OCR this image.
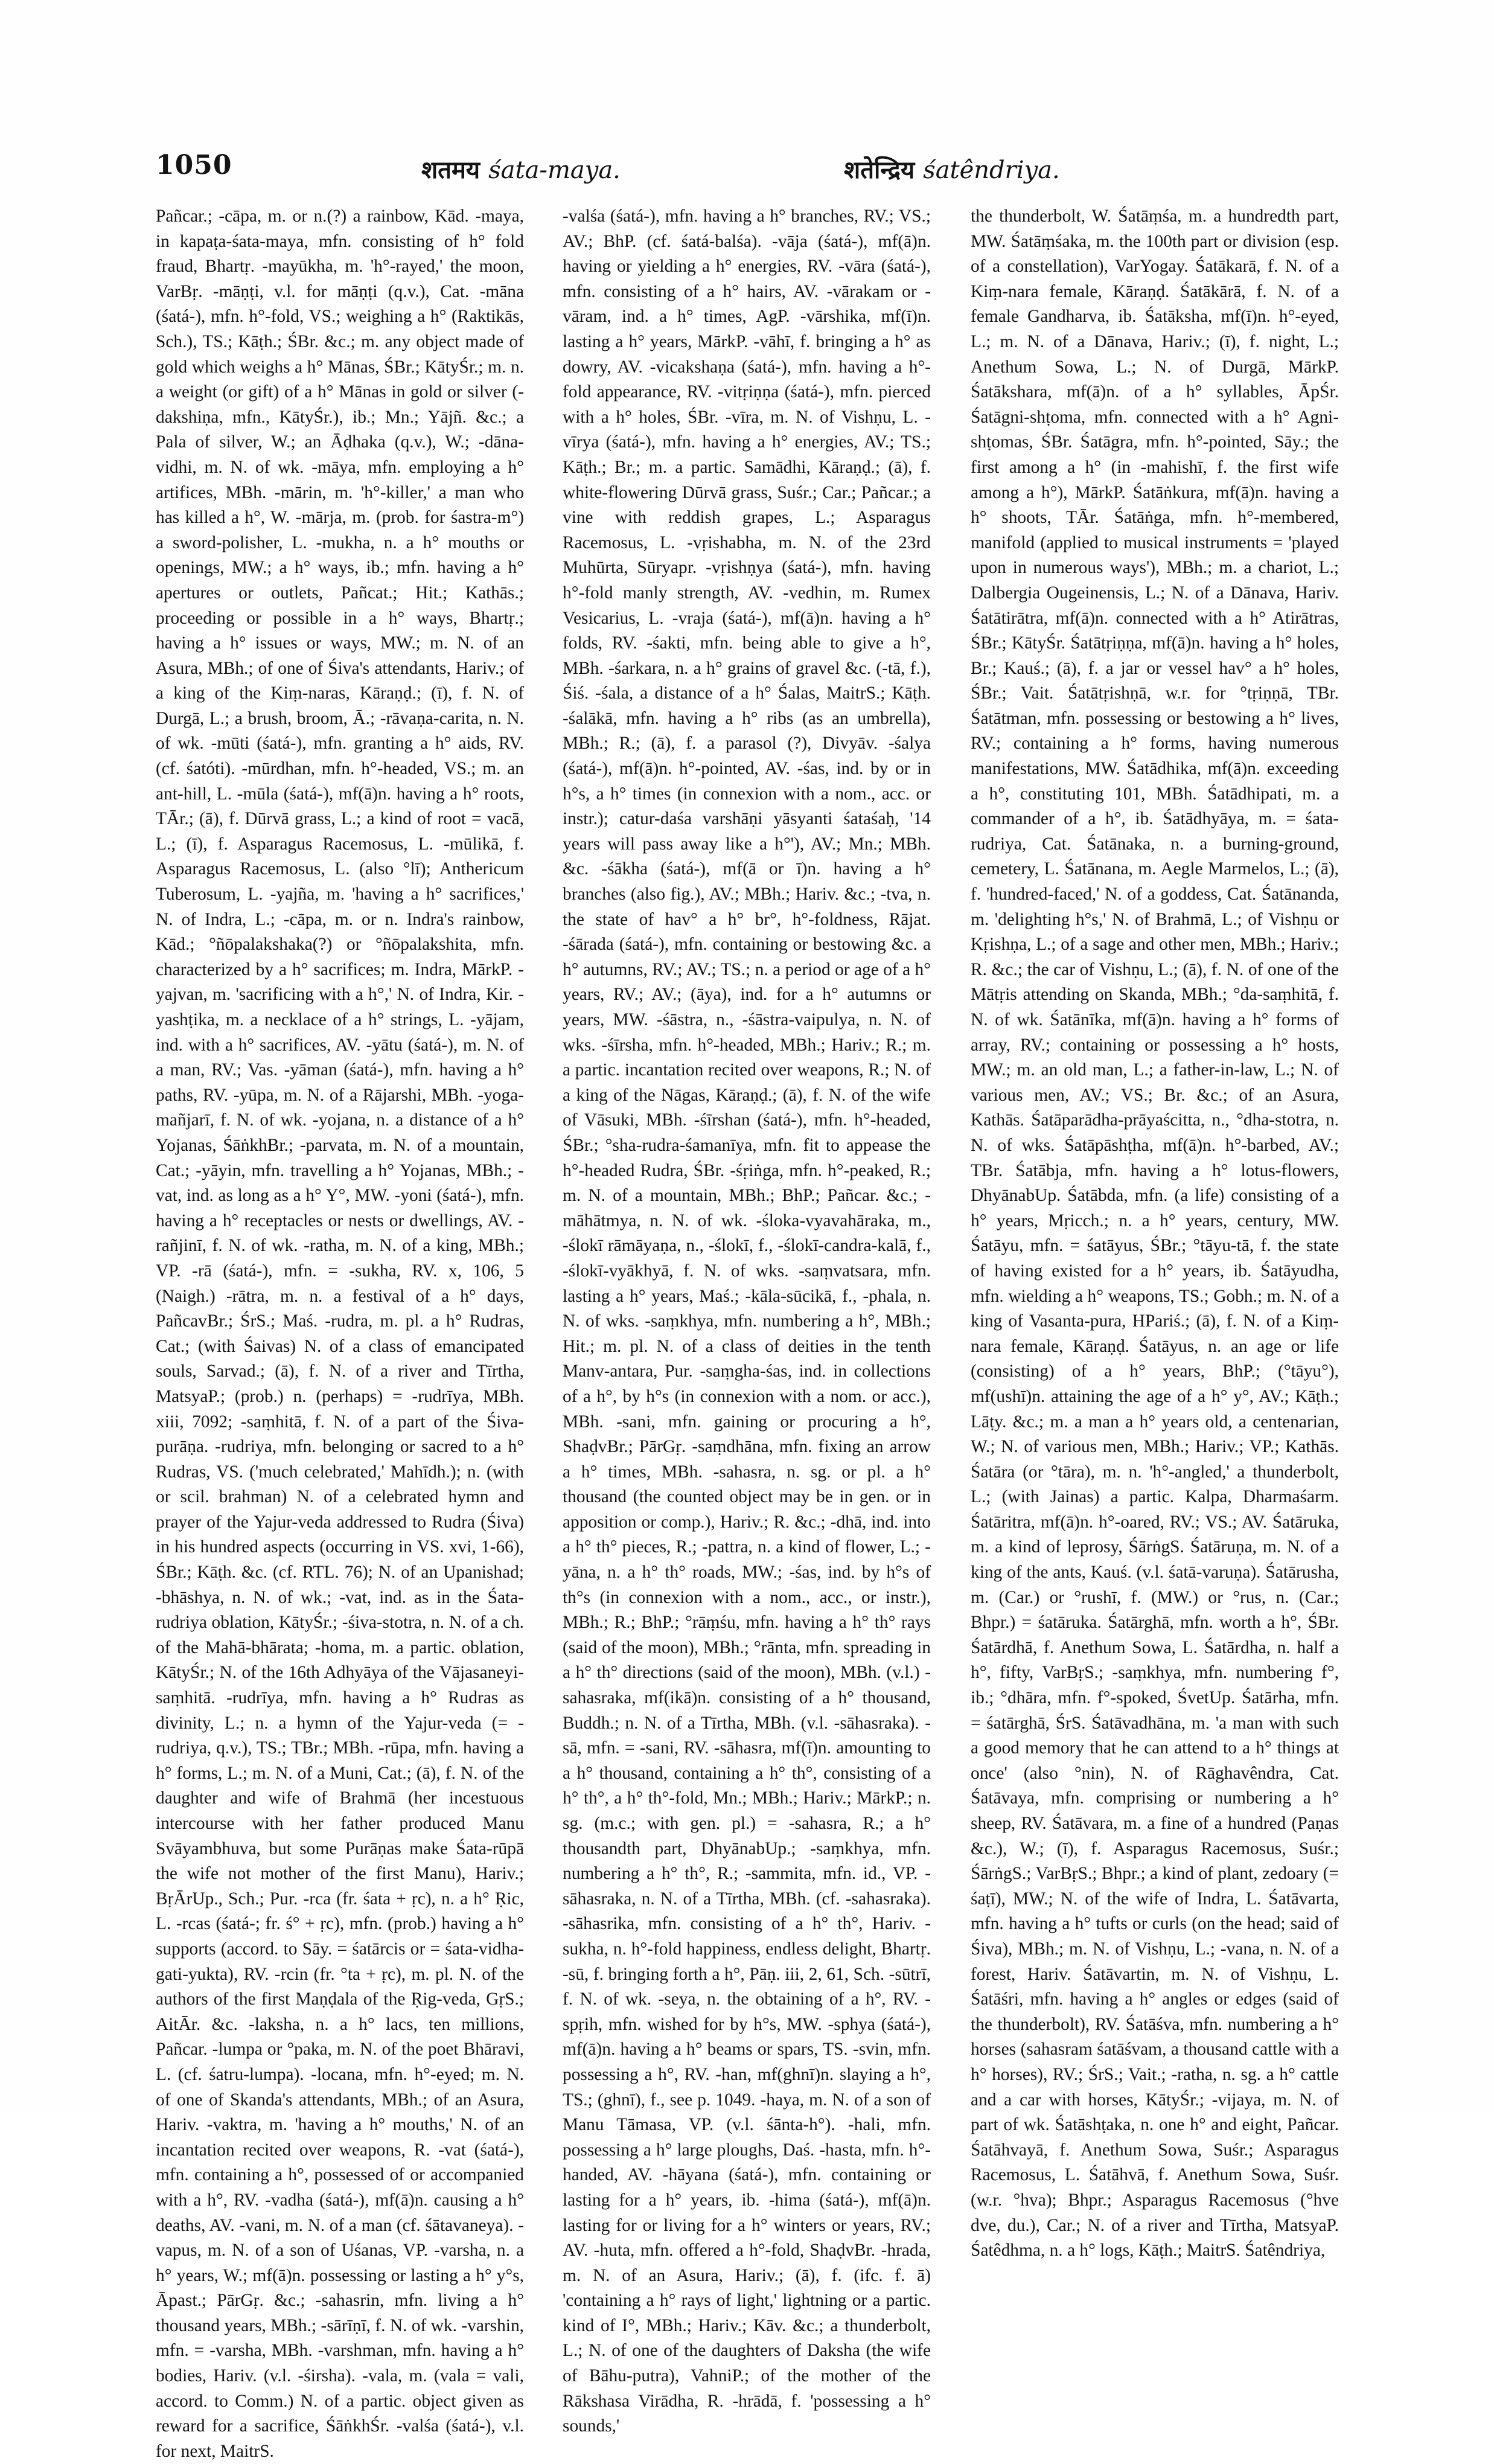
1050	शतमय śata-maya.	शतेन्द्रिय śatêndriya.

Pañcar.; -cāpa, m. or n.(?) a rainbow, Kād. -maya, in kapaṭa-śata-maya, mfn. consisting of h° fold fraud, Bhartṛ. -mayūkha, m. 'h°-rayed,' the moon, VarBṛ. -māṇṭi, v.l. for māṇṭi (q.v.), Cat. -māna (śatá-), mfn. h°-fold, VS.; weighing a h° (Raktikās, Sch.), TS.; Kāṭh.; ŚBr. &c.; m. any object made of gold which weighs a h° Mānas, ŚBr.; KātyŚr.; m. n. a weight (or gift) of a h° Mānas in gold or silver (-dakshiṇa, mfn., KātyŚr.), ib.; Mn.; Yājñ. &c.; a Pala of silver, W.; an Āḍhaka (q.v.), W.; -dāna-vidhi, m. N. of wk. -māya, mfn. employing a h° artifices, MBh. -mārin, m. 'h°-killer,' a man who has killed a h°, W. -mārja, m. (prob. for śastra-m°) a sword-polisher, L. -mukha, n. a h° mouths or openings, MW.; a h° ways, ib.; mfn. having a h° apertures or outlets, Pañcat.; Hit.; Kathās.; proceeding or possible in a h° ways, Bhartṛ.; having a h° issues or ways, MW.; m. N. of an Asura, MBh.; of one of Śiva's attendants, Hariv.; of a king of the Kiṃ-naras, Kāraṇḍ.; (ī), f. N. of Durgā, L.; a brush, broom, Ā.; -rāvaṇa-carita, n. N. of wk. -mūti (śatá-), mfn. granting a h° aids, RV. (cf. śatóti). -mūrdhan, mfn. h°-headed, VS.; m. an ant-hill, L. -mūla (śatá-), mf(ā)n. having a h° roots, TĀr.; (ā), f. Dūrvā grass, L.; a kind of root = vacā, L.; (ī), f. Asparagus Racemosus, L. -mūlikā, f. Asparagus Racemosus, L. (also °lī); Anthericum Tuberosum, L. -yajña, m. 'having a h° sacrifices,' N. of Indra, L.; -cāpa, m. or n. Indra's rainbow, Kād.; °ñōpalakshaka(?) or °ñōpalakshita, mfn. characterized by a h° sacrifices; m. Indra, MārkP. -yajvan, m. 'sacrificing with a h°,' N. of Indra, Kir. -yashṭika, m. a necklace of a h° strings, L. -yājam, ind. with a h° sacrifices, AV. -yātu (śatá-), m. N. of a man, RV.; Vas. -yāman (śatá-), mfn. having a h° paths, RV. -yūpa, m. N. of a Rājarshi, MBh. -yoga-mañjarī, f. N. of wk. -yojana, n. a distance of a h° Yojanas, ŚāṅkhBr.; -parvata, m. N. of a mountain, Cat.; -yāyin, mfn. travelling a h° Yojanas, MBh.; -vat, ind. as long as a h° Y°, MW. -yoni (śatá-), mfn. having a h° receptacles or nests or dwellings, AV. -rañjinī, f. N. of wk. -ratha, m. N. of a king, MBh.; VP. -rā (śatá-), mfn. = -sukha, RV. x, 106, 5 (Naigh.) -rātra, m. n. a festival of a h° days, PañcavBr.; ŚrS.; Maś. -rudra, m. pl. a h° Rudras, Cat.; (with Śaivas) N. of a class of emancipated souls, Sarvad.; (ā), f. N. of a river and Tīrtha, MatsyaP.; (prob.) n. (perhaps) = -rudrīya, MBh. xiii, 7092; -saṃhitā, f. N. of a part of the Śiva-purāṇa. -rudriya, mfn. belonging or sacred to a h° Rudras, VS. ('much celebrated,' Mahīdh.); n. (with or scil. brahman) N. of a celebrated hymn and prayer of the Yajur-veda addressed to Rudra (Śiva) in his hundred aspects (occurring in VS. xvi, 1-66), ŚBr.; Kāṭh. &c. (cf. RTL. 76); N. of an Upanishad; -bhāshya, n. N. of wk.; -vat, ind. as in the Śata-rudriya oblation, KātyŚr.; -śiva-stotra, n. N. of a ch. of the Mahā-bhārata; -homa, m. a partic. oblation, KātyŚr.; N. of the 16th Adhyāya of the Vājasaneyi-saṃhitā. -rudrīya, mfn. having a h° Rudras as divinity, L.; n. a hymn of the Yajur-veda (= -rudriya, q.v.), TS.; TBr.; MBh. -rūpa, mfn. having a h° forms, L.; m. N. of a Muni, Cat.; (ā), f. N. of the daughter and wife of Brahmā (her incestuous intercourse with her father produced Manu Svāyambhuva, but some Purāṇas make Śata-rūpā the wife not mother of the first Manu), Hariv.; BṛĀrUp., Sch.; Pur. -rca (fr. śata + ṛc), n. a h° Ṛic, L. -rcas (śatá-; fr. ś° + ṛc), mfn. (prob.) having a h° supports (accord. to Sāy. = śatārcis or = śata-vidha-gati-yukta), RV. -rcin (fr. °ta + ṛc), m. pl. N. of the authors of the first Maṇḍala of the Ṛig-veda, GṛS.; AitĀr. &c. -laksha, n. a h° lacs, ten millions, Pañcar. -lumpa or °paka, m. N. of the poet Bhāravi, L. (cf. śatru-lumpa). -locana, mfn. h°-eyed; m. N. of one of Skanda's attendants, MBh.; of an Asura, Hariv. -vaktra, m. 'having a h° mouths,' N. of an incantation recited over weapons, R. -vat (śatá-), mfn. containing a h°, possessed of or accompanied with a h°, RV. -vadha (śatá-), mf(ā)n. causing a h° deaths, AV. -vani, m. N. of a man (cf. śātavaneya). -vapus, m. N. of a son of Uśanas, VP. -varsha, n. a h° years, W.; mf(ā)n. possessing or lasting a h° y°s, Āpast.; PārGṛ. &c.; -sahasrin, mfn. living a h° thousand years, MBh.; -sārīṇī, f. N. of wk. -varshin, mfn. = -varsha, MBh. -varshman, mfn. having a h° bodies, Hariv. (v.l. -śirsha). -vala, m. (vala = vali, accord. to Comm.) N. of a partic. object given as reward for a sacrifice, ŚāṅkhŚr. -valśa (śatá-), v.l. for next, MaitrS.

-valśa (śatá-), mfn. having a h° branches, RV.; VS.; AV.; BhP. (cf. śatá-balśa). -vāja (śatá-), mf(ā)n. having or yielding a h° energies, RV. -vāra (śatá-), mfn. consisting of a h° hairs, AV. -vārakam or -vāram, ind. a h° times, AgP. -vārshika, mf(ī)n. lasting a h° years, MārkP. -vāhī, f. bringing a h° as dowry, AV. -vicakshaṇa (śatá-), mfn. having a h°-fold appearance, RV. -vitṛiṇṇa (śatá-), mfn. pierced with a h° holes, ŚBr. -vīra, m. N. of Vishṇu, L. -vīrya (śatá-), mfn. having a h° energies, AV.; TS.; Kāṭh.; Br.; m. a partic. Samādhi, Kāraṇḍ.; (ā), f. white-flowering Dūrvā grass, Suśr.; Car.; Pañcar.; a vine with reddish grapes, L.; Asparagus Racemosus, L. -vṛishabha, m. N. of the 23rd Muhūrta, Sūryapr. -vṛishṇya (śatá-), mfn. having h°-fold manly strength, AV. -vedhin, m. Rumex Vesicarius, L. -vraja (śatá-), mf(ā)n. having a h° folds, RV. -śakti, mfn. being able to give a h°, MBh. -śarkara, n. a h° grains of gravel &c. (-tā, f.), Śiś. -śala, a distance of a h° Śalas, MaitrS.; Kāṭh. -śalākā, mfn. having a h° ribs (as an umbrella), MBh.; R.; (ā), f. a parasol (?), Divyāv. -śalya (śatá-), mf(ā)n. h°-pointed, AV. -śas, ind. by or in h°s, a h° times (in connexion with a nom., acc. or instr.); catur-daśa varshāṇi yāsyanti śataśaḥ, '14 years will pass away like a h°'), AV.; Mn.; MBh. &c. -śākha (śatá-), mf(ā or ī)n. having a h° branches (also fig.), AV.; MBh.; Hariv. &c.; -tva, n. the state of hav° a h° br°, h°-foldness, Rājat. -śārada (śatá-), mfn. containing or bestowing &c. a h° autumns, RV.; AV.; TS.; n. a period or age of a h° years, RV.; AV.; (āya), ind. for a h° autumns or years, MW. -śāstra, n., -śāstra-vaipulya, n. N. of wks. -śīrsha, mfn. h°-headed, MBh.; Hariv.; R.; m. a partic. incantation recited over weapons, R.; N. of a king of the Nāgas, Kāraṇḍ.; (ā), f. N. of the wife of Vāsuki, MBh. -śīrshan (śatá-), mfn. h°-headed, ŚBr.; °sha-rudra-śamanīya, mfn. fit to appease the h°-headed Rudra, ŚBr. -śṛiṅga, mfn. h°-peaked, R.; m. N. of a mountain, MBh.; BhP.; Pañcar. &c.; -māhātmya, n. N. of wk. -śloka-vyavahāraka, m., -ślokī rāmāyaṇa, n., -ślokī, f., -ślokī-candra-kalā, f., -ślokī-vyākhyā, f. N. of wks. -saṃvatsara, mfn. lasting a h° years, Maś.; -kāla-sūcikā, f., -phala, n. N. of wks. -saṃkhya, mfn. numbering a h°, MBh.; Hit.; m. pl. N. of a class of deities in the tenth Manv-antara, Pur. -saṃgha-śas, ind. in collections of a h°, by h°s (in connexion with a nom. or acc.), MBh. -sani, mfn. gaining or procuring a h°, ShaḍvBr.; PārGṛ. -saṃdhāna, mfn. fixing an arrow a h° times, MBh. -sahasra, n. sg. or pl. a h° thousand (the counted object may be in gen. or in apposition or comp.), Hariv.; R. &c.; -dhā, ind. into a h° th° pieces, R.; -pattra, n. a kind of flower, L.; -yāna, n. a h° th° roads, MW.; -śas, ind. by h°s of th°s (in connexion with a nom., acc., or instr.), MBh.; R.; BhP.; °rāṃśu, mfn. having a h° th° rays (said of the moon), MBh.; °rānta, mfn. spreading in a h° th° directions (said of the moon), MBh. (v.l.) -sahasraka, mf(ikā)n. consisting of a h° thousand, Buddh.; n. N. of a Tīrtha, MBh. (v.l. -sāhasraka). -sā, mfn. = -sani, RV. -sāhasra, mf(ī)n. amounting to a h° thousand, containing a h° th°, consisting of a h° th°, a h° th°-fold, Mn.; MBh.; Hariv.; MārkP.; n. sg. (m.c.; with gen. pl.) = -sahasra, R.; a h° thousandth part, DhyānabUp.; -saṃkhya, mfn. numbering a h° th°, R.; -sammita, mfn. id., VP. -sāhasraka, n. N. of a Tīrtha, MBh. (cf. -sahasraka). -sāhasrika, mfn. consisting of a h° th°, Hariv. -sukha, n. h°-fold happiness, endless delight, Bhartṛ. -sū, f. bringing forth a h°, Pāṇ. iii, 2, 61, Sch. -sūtrī, f. N. of wk. -seya, n. the obtaining of a h°, RV. -spṛih, mfn. wished for by h°s, MW. -sphya (śatá-), mf(ā)n. having a h° beams or spars, TS. -svin, mfn. possessing a h°, RV. -han, mf(ghnī)n. slaying a h°, TS.; (ghnī), f., see p. 1049. -haya, m. N. of a son of Manu Tāmasa, VP. (v.l. śānta-h°). -hali, mfn. possessing a h° large ploughs, Daś. -hasta, mfn. h°-handed, AV. -hāyana (śatá-), mfn. containing or lasting for a h° years, ib. -hima (śatá-), mf(ā)n. lasting for or living for a h° winters or years, RV.; AV. -huta, mfn. offered a h°-fold, ShaḍvBr. -hrada, m. N. of an Asura, Hariv.; (ā), f. (ifc. f. ā) 'containing a h° rays of light,' lightning or a partic. kind of I°, MBh.; Hariv.; Kāv. &c.; a thunderbolt, L.; N. of one of the daughters of Daksha (the wife of Bāhu-putra), VahniP.; of the mother of the Rākshasa Virādha, R. -hrādā, f. 'possessing a h° sounds,'

the thunderbolt, W. Śatāṃśa, m. a hundredth part, MW. Śatāṃśaka, m. the 100th part or division (esp. of a constellation), VarYogay. Śatākarā, f. N. of a Kiṃ-nara female, Kāraṇḍ. Śatākārā, f. N. of a female Gandharva, ib. Śatāksha, mf(ī)n. h°-eyed, L.; m. N. of a Dānava, Hariv.; (ī), f. night, L.; Anethum Sowa, L.; N. of Durgā, MārkP. Śatākshara, mf(ā)n. of a h° syllables, ĀpŚr. Śatāgni-shṭoma, mfn. connected with a h° Agni-shṭomas, ŚBr. Śatāgra, mfn. h°-pointed, Sāy.; the first among a h° (in -mahishī, f. the first wife among a h°), MārkP. Śatāṅkura, mf(ā)n. having a h° shoots, TĀr. Śatāṅga, mfn. h°-membered, manifold (applied to musical instruments = 'played upon in numerous ways'), MBh.; m. a chariot, L.; Dalbergia Ougeinensis, L.; N. of a Dānava, Hariv. Śatātirātra, mf(ā)n. connected with a h° Atirātras, ŚBr.; KātyŚr. Śatātṛiṇṇa, mf(ā)n. having a h° holes, Br.; Kauś.; (ā), f. a jar or vessel hav° a h° holes, ŚBr.; Vait. Śatātṛishṇā, w.r. for °tṛiṇṇā, TBr. Śatātman, mfn. possessing or bestowing a h° lives, RV.; containing a h° forms, having numerous manifestations, MW. Śatādhika, mf(ā)n. exceeding a h°, constituting 101, MBh. Śatādhipati, m. a commander of a h°, ib. Śatādhyāya, m. = śata-rudriya, Cat. Śatānaka, n. a burning-ground, cemetery, L. Śatānana, m. Aegle Marmelos, L.; (ā), f. 'hundred-faced,' N. of a goddess, Cat. Śatānanda, m. 'delighting h°s,' N. of Brahmā, L.; of Vishṇu or Kṛishṇa, L.; of a sage and other men, MBh.; Hariv.; R. &c.; the car of Vishṇu, L.; (ā), f. N. of one of the Mātṛis attending on Skanda, MBh.; °da-saṃhitā, f. N. of wk. Śatānīka, mf(ā)n. having a h° forms of array, RV.; containing or possessing a h° hosts, MW.; m. an old man, L.; a father-in-law, L.; N. of various men, AV.; VS.; Br. &c.; of an Asura, Kathās. Śatāparādha-prāyaścitta, n., °dha-stotra, n. N. of wks. Śatāpāshṭha, mf(ā)n. h°-barbed, AV.; TBr. Śatābja, mfn. having a h° lotus-flowers, DhyānabUp. Śatābda, mfn. (a life) consisting of a h° years, Mṛicch.; n. a h° years, century, MW. Śatāyu, mfn. = śatāyus, ŚBr.; °tāyu-tā, f. the state of having existed for a h° years, ib. Śatāyudha, mfn. wielding a h° weapons, TS.; Gobh.; m. N. of a king of Vasanta-pura, HPariś.; (ā), f. N. of a Kiṃ-nara female, Kāraṇḍ. Śatāyus, n. an age or life (consisting) of a h° years, BhP.; (°tāyu°), mf(ushī)n. attaining the age of a h° y°, AV.; Kāṭh.; Lāṭy. &c.; m. a man a h° years old, a centenarian, W.; N. of various men, MBh.; Hariv.; VP.; Kathās. Śatāra (or °tāra), m. n. 'h°-angled,' a thunderbolt, L.; (with Jainas) a partic. Kalpa, Dharmaśarm. Śatāritra, mf(ā)n. h°-oared, RV.; VS.; AV. Śatāruka, m. a kind of leprosy, ŚārṅgS. Śatāruṇa, m. N. of a king of the ants, Kauś. (v.l. śatā-varuṇa). Śatārusha, m. (Car.) or °rushī, f. (MW.) or °rus, n. (Car.; Bhpr.) = śatāruka. Śatārghā, mfn. worth a h°, ŚBr. Śatārdhā, f. Anethum Sowa, L. Śatārdha, n. half a h°, fifty, VarBṛS.; -saṃkhya, mfn. numbering f°, ib.; °dhāra, mfn. f°-spoked, ŚvetUp. Śatārha, mfn. = śatārghā, ŚrS. Śatāvadhāna, m. 'a man with such a good memory that he can attend to a h° things at once' (also °nin), N. of Rāghavêndra, Cat. Śatāvaya, mfn. comprising or numbering a h° sheep, RV. Śatāvara, m. a fine of a hundred (Paṇas &c.), W.; (ī), f. Asparagus Racemosus, Suśr.; ŚārṅgS.; VarBṛS.; Bhpr.; a kind of plant, zedoary (= śaṭī), MW.; N. of the wife of Indra, L. Śatāvarta, mfn. having a h° tufts or curls (on the head; said of Śiva), MBh.; m. N. of Vishṇu, L.; -vana, n. N. of a forest, Hariv. Śatāvartin, m. N. of Vishṇu, L. Śatāśri, mfn. having a h° angles or edges (said of the thunderbolt), RV. Śatāśva, mfn. numbering a h° horses (sahasram śatāśvam, a thousand cattle with a h° horses), RV.; ŚrS.; Vait.; -ratha, n. sg. a h° cattle and a car with horses, KātyŚr.; -vijaya, m. N. of part of wk. Śatāshṭaka, n. one h° and eight, Pañcar. Śatāhvayā, f. Anethum Sowa, Suśr.; Asparagus Racemosus, L. Śatāhvā, f. Anethum Sowa, Suśr. (w.r. °hva); Bhpr.; Asparagus Racemosus (°hve dve, du.), Car.; N. of a river and Tīrtha, MatsyaP. Śatêdhma, n. a h° logs, Kāṭh.; MaitrS. Śatêndriya,
